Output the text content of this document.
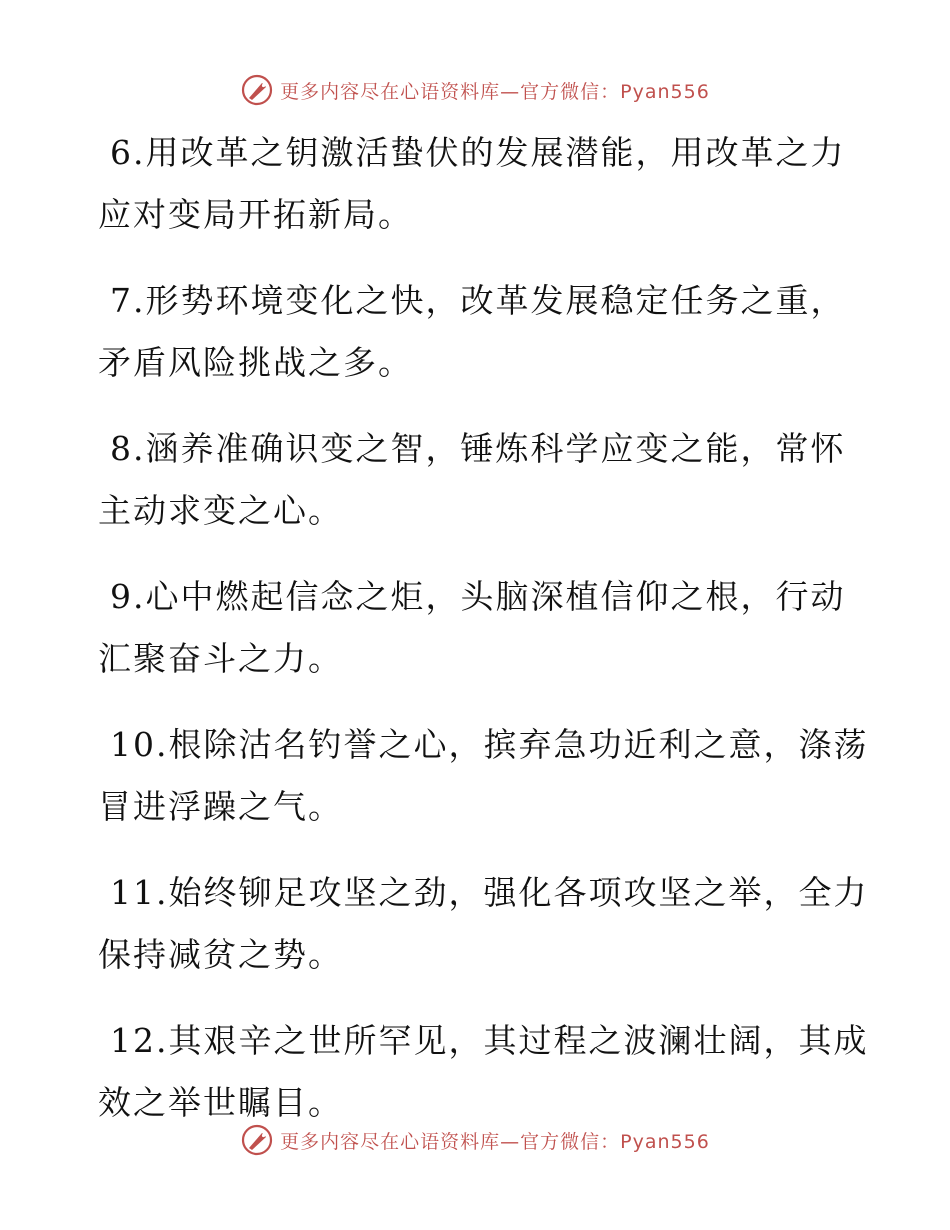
更多内容尽在心语资料库—官方微信：Pyan556
6.用改革之钥激活蛰伏的发展潜能，用改革之力
应对变局开拓新局。
7.形势环境变化之快，改革发展稳定任务之重，
矛盾风险挑战之多。
8.涵养准确识变之智，锤炼科学应变之能，常怀
主动求变之心。
9.心中燃起信念之炬，头脑深植信仰之根，行动
汇聚奋斗之力。
10.根除沽名钓誉之心，摈弃急功近利之意，涤荡
冒进浮躁之气。
11.始终铆足攻坚之劲，强化各项攻坚之举，全力
保持减贫之势。
12.其艰辛之世所罕见，其过程之波澜壮阔，其成
效之举世瞩目。
更多内容尽在心语资料库—官方微信：Pyan556
